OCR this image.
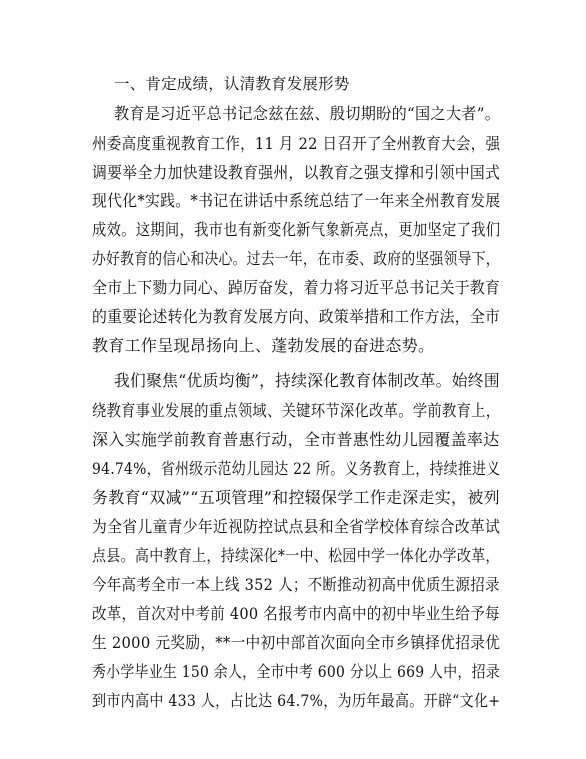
一、肯定成绩，认清教育发展形势
教育是习近平总书记念兹在兹、殷切期盼的“国之大者”。
州委高度重视教育工作，11 月 22 日召开了全州教育大会，强
调要举全力加快建设教育强州，以教育之强支撑和引领中国式
现代化*实践。*书记在讲话中系统总结了一年来全州教育发展
成效。这期间，我市也有新变化新气象新亮点，更加坚定了我们
办好教育的信心和决心。过去一年，在市委、政府的坚强领导下，
全市上下勠力同心、踔厉奋发，着力将习近平总书记关于教育
的重要论述转化为教育发展方向、政策举措和工作方法，全市
教育工作呈现昂扬向上、蓬勃发展的奋进态势。
我们聚焦“优质均衡”，持续深化教育体制改革。始终围
绕教育事业发展的重点领域、关键环节深化改革。学前教育上，
深入实施学前教育普惠行动，全市普惠性幼儿园覆盖率达
94.74%，省州级示范幼儿园达 22 所。义务教育上，持续推进义
务教育“双减”“五项管理”和控辍保学工作走深走实，被列
为全省儿童青少年近视防控试点县和全省学校体育综合改革试
点县。高中教育上，持续深化*一中、松园中学一体化办学改革，
今年高考全市一本上线 352 人；不断推动初高中优质生源招录
改革，首次对中考前 400 名报考市内高中的初中毕业生给予每
生 2000 元奖励，**一中初中部首次面向全市乡镇择优招录优
秀小学毕业生 150 余人，全市中考 600 分以上 669 人中，招录
到市内高中 433 人，占比达 64.7%，为历年最高。开辟“文化+
